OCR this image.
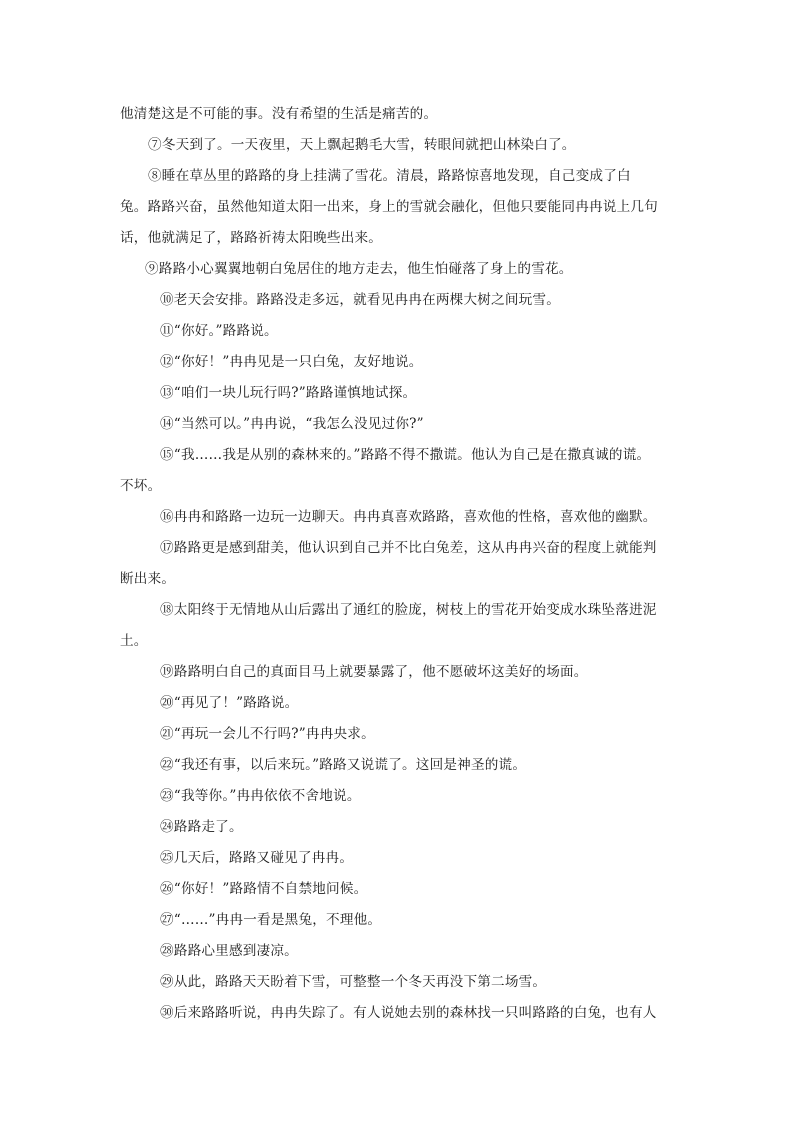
他清楚这是不可能的事。没有希望的生活是痛苦的。
⑦冬天到了。一天夜里，天上飘起鹅毛大雪，转眼间就把山林染白了。
⑧睡在草丛里的路路的身上挂满了雪花。清晨，路路惊喜地发现，自己变成了白
兔。路路兴奋，虽然他知道太阳一出来，身上的雪就会融化，但他只要能同冉冉说上几句
话，他就满足了，路路祈祷太阳晚些出来。
⑨路路小心翼翼地朝白兔居住的地方走去，他生怕碰落了身上的雪花。
⑩老天会安排。路路没走多远，就看见冉冉在两棵大树之间玩雪。
⑪“你好。”路路说。
⑫“你好！”冉冉见是一只白兔，友好地说。
⑬“咱们一块儿玩行吗?”路路谨慎地试探。
⑭“当然可以。”冉冉说，“我怎么没见过你?”
⑮“我……我是从别的森林来的。”路路不得不撒谎。他认为自己是在撒真诚的谎。
不坏。
⑯冉冉和路路一边玩一边聊天。冉冉真喜欢路路，喜欢他的性格，喜欢他的幽默。
⑰路路更是感到甜美，他认识到自己并不比白兔差，这从冉冉兴奋的程度上就能判
断出来。
⑱太阳终于无情地从山后露出了通红的脸庞，树枝上的雪花开始变成水珠坠落进泥
土。
⑲路路明白自己的真面目马上就要暴露了，他不愿破坏这美好的场面。
⑳“再见了！”路路说。
㉑“再玩一会儿不行吗?”冉冉央求。
㉒“我还有事，以后来玩。”路路又说谎了。这回是神圣的谎。
㉓“我等你。”冉冉依依不舍地说。
㉔路路走了。
㉕几天后，路路又碰见了冉冉。
㉖“你好！”路路情不自禁地问候。
㉗“……”冉冉一看是黑兔，不理他。
㉘路路心里感到凄凉。
㉙从此，路路天天盼着下雪，可整整一个冬天再没下第二场雪。
㉚后来路路听说，冉冉失踪了。有人说她去别的森林找一只叫路路的白兔，也有人
